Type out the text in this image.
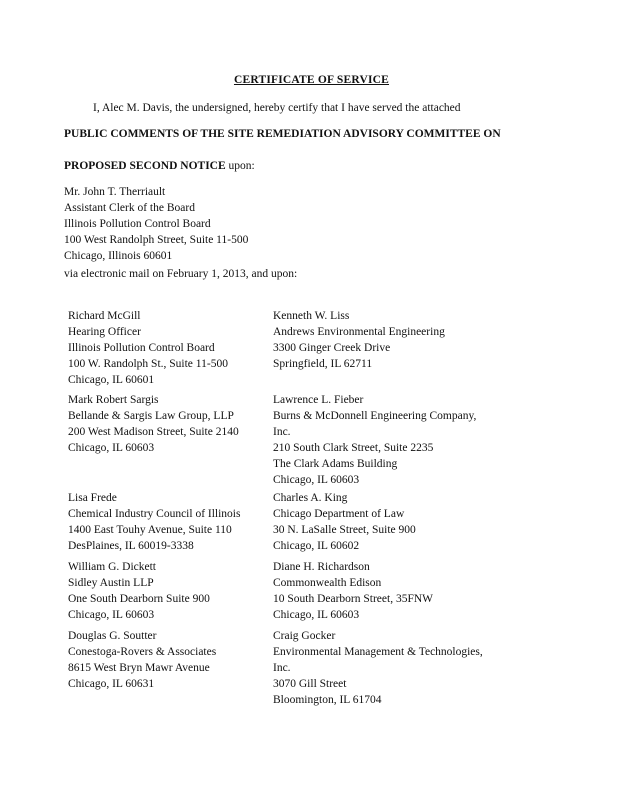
CERTIFICATE OF SERVICE
I, Alec M. Davis, the undersigned, hereby certify that I have served the attached
PUBLIC COMMENTS OF THE SITE REMEDIATION ADVISORY COMMITTEE ON
PROPOSED SECOND NOTICE upon:
Mr. John T. Therriault
Assistant Clerk of the Board
Illinois Pollution Control Board
100 West Randolph Street, Suite 11-500
Chicago, Illinois 60601
via electronic mail on February 1, 2013, and upon:
Richard McGill
Hearing Officer
Illinois Pollution Control Board
100 W. Randolph St., Suite 11-500
Chicago, IL 60601
Mark Robert Sargis
Bellande & Sargis Law Group, LLP
200 West Madison Street, Suite 2140
Chicago, IL 60603
Lisa Frede
Chemical Industry Council of Illinois
1400 East Touhy Avenue, Suite 110
DesPlaines, IL 60019-3338
William G. Dickett
Sidley Austin LLP
One South Dearborn Suite 900
Chicago, IL 60603
Douglas G. Soutter
Conestoga-Rovers & Associates
8615 West Bryn Mawr Avenue
Chicago, IL 60631
Kenneth W. Liss
Andrews Environmental Engineering
3300 Ginger Creek Drive
Springfield, IL 62711
Lawrence L. Fieber
Burns & McDonnell Engineering Company,
Inc.
210 South Clark Street, Suite 2235
The Clark Adams Building
Chicago, IL 60603
Charles A. King
Chicago Department of Law
30 N. LaSalle Street, Suite 900
Chicago, IL 60602
Diane H. Richardson
Commonwealth Edison
10 South Dearborn Street, 35FNW
Chicago, IL 60603
Craig Gocker
Environmental Management & Technologies,
Inc.
3070 Gill Street
Bloomington, IL 61704
